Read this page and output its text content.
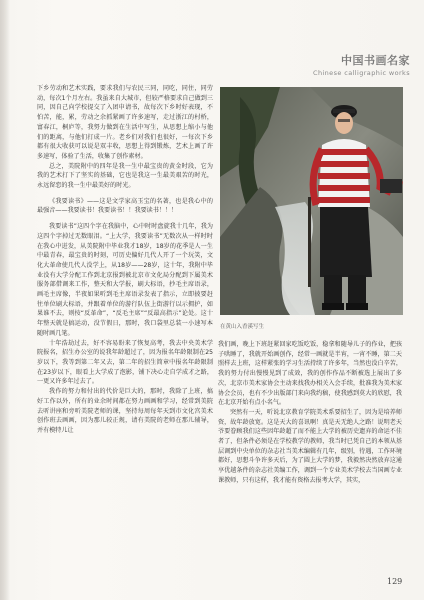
中国书画名家
Chinese calligraphic works

下乡劳动和艺术实践，要求我们与农民三同，同吃，同住，同劳动，每次1个月左右。我虽来自大城市，但较严格要求自己做到三同，因自己向学校提交了入团申请书，故每次下乡时好表现，不怕苦，能，累，劳动之余抓紧画了许多速写，走过浙江的村桥，富春江，桐庐等，我努力做到在生活中写生，从思想上缩小与他们的距离，与他们打成一片。老乡们对我们也很好，一每次下乡都有很大收获可以说是双丰收，思想上得到锻炼，艺术上画了许多速写，体验了生活，收集了创作素材。

总之，美院附中的四年是我一生中最宝贵的黄金时段，它为我的艺术打下了坚实的基础，它也是我这一生最美艰苦的时光，永远留恋的我一生中最美好的时光。

《我要读书》——这是文学家高玉宝的名著，也是我心中的最强音——我要读书！我要读书！！我要读书！！！

我要读书”这四个字在我脑中，心中时时盘旋我十几年，我为这四个字掉过无数眼泪。“上大学，我要读书”无数次从一样时时在我心中迸发，从美院附中毕业我才18岁，18岁的花季是人一生中最青春，最宝贵的时刻，可历史偏好几代人开了一个玩笑，文化大革命使几代人没学上，从18岁——28岁，这十年，我附中毕业没有大学分配工作到北京报到被北京市文化局分配到下属美术服务部借调来工作，整天和大学报，刷大标语，抄毛主席语录，画毛主席像，半夜如果听到毛主席语录发表了指示，立即披要赶往单位刷大标语，并跟着单位的游行队伍上街游行以示拥护，如果谁不去，则按“反革命”，“反毛主席”“反最高指示”论处。这十年整天就是搞运动，没节假日，那时，我口袋里总装一小速写本随时画几笔。

十年浩劫过去，好不容易盼来了恢复高考，我去中央美术学院报名，招生办公室的说我年龄超过了，因为报名年龄限制在25岁以下，我等到第二年又去，第二年的招生简章中报名年龄限制在23岁以下，眼看上大学成了泡影，铺下决心走自学成才之路，一更又许多年过去了。

我作的努力和付出的代价是巨大的，那时，我除了上班，搞好工作以外，所有的业余时间都在努力画画和学习，经常到美院去听讲座和旁听美院老师的课，坚持每周每年天到市文化宫美术创作班去画画，因为那儿较正规，请有美院的老师在那儿辅导，并有模特儿让

在黄山入香溪写生

我们画，晚上下班赶紧回家吃饭吃饭，稳拿和随导儿子的作业，把孩子哄睡了，我就开始画创作，经常一画就是半宵，一宵不睡，第二天照样去上班，这样紧张的学习生活持续了许多年，当然也没白辛苦，我的努力付出慢慢见到了成效，我的创作作品不断被选上展出了多次，北京市美术家协会主动来找我办相关入会手续，批准我为美术家协会会员，也有不少出版部门来向我约稿，使我感到莫大的欣慰，我在北京开始有点小名气。

突然有一天，听说北京教育学院美术系要招生了，因为是培养师资，故年龄放宽。这是天大的喜讯啊！真是天无绝人之路！说明老天爷要眷顾我们这些因年龄超了而不能上大学的被历史遗弃的命运不佳者了，但条件必须是在学校教学的教师，我当时已凭自己的本领从基层调到中央单位的杂志社当美术编辑有几年，级别，待遇，工作环境都好，思想斗争许多天后，为了圆上大学的梦，我毅然决然放弃这通享优越条件的杂志社美编工作，调到一个专业美术学校去当国画专业课教师，只有这样，我才能有资格去报考大学，其实，

129
